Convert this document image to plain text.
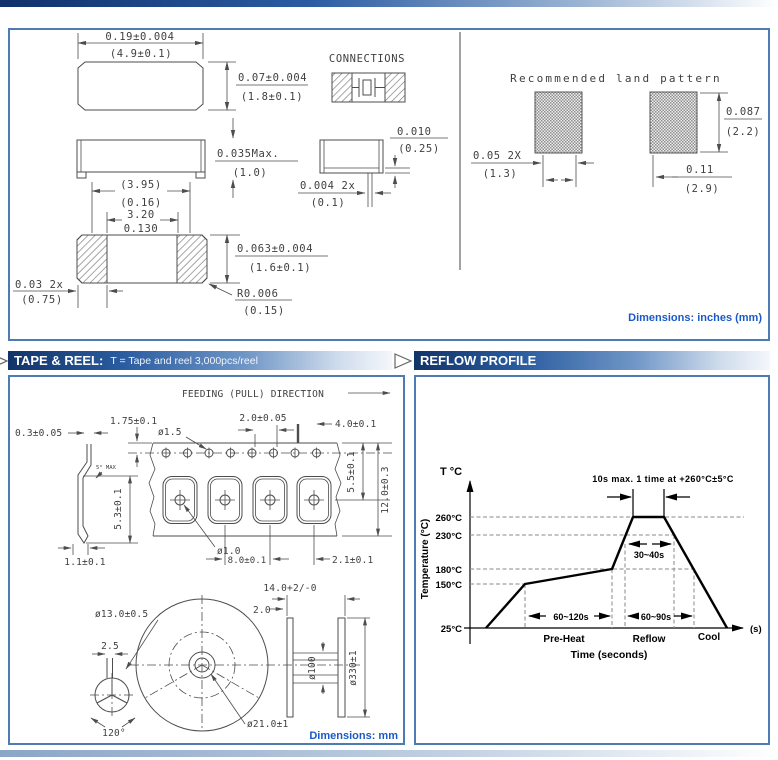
0.19±0.004
(4.9±0.1)
0.07±0.004
(1.8±0.1)
CONNECTIONS
0.035Max.
(1.0)
0.010
(0.25)
0.004 2x
(0.1)
(3.95)
(0.16)
3.20
0.130
0.063±0.004
(1.6±0.1)
0.03 2x
(0.75)	R0.006
(0.15)
Recommended land pattern
0.087
(2.2)
0.05 2X
(1.3)	0.11
(2.9)
Dimensions: inches (mm)
TAPE & REEL: T = Tape and reel 3,000pcs/reel	REFLOW PROFILE
FEEDING (PULL) DIRECTION
0.3±0.05
1.75±0.1
ø1.5
5° MAX
5.3±0.1
1.1±0.1
2.0±0.05
4.0±0.1
5.5±0.1 12.0±0.3
8.0±0.1	2.1±0.1
ø1.0
ø13.0±0.5
ø21.0±1
2.5
120°
14.0+2/-0
2.0
ø100	ø330±1
Dimensions: mm
T °C
Temperature (°C)
260°C
230°C
180°C
150°C
25°C
10s max. 1 time at +260°C±5°C
30~40s
60~120s	60~90s
Pre-Heat	Reflow	Cool
(s)
Time (seconds)
